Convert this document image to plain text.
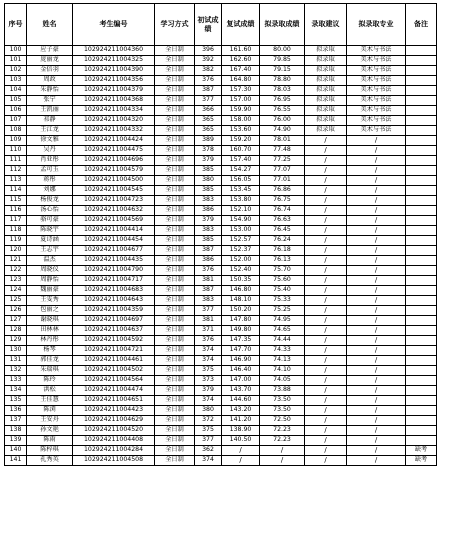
序号	姓名	考生编号	学习方式	初试成绩	复试成绩	拟录取成绩	录取建议	拟录取专业	备注
100	应子豪	102924211004360	全日制	396	161.60	80.00	拟录取	美术与书法	
101	庞丽龙	102924211004325	全日制	392	162.60	79.85	拟录取	美术与书法	
102	金倍羽	102924211004390	全日制	382	167.40	79.15	拟录取	美术与书法	
103	周政	102924211004356	全日制	376	164.80	78.80	拟录取	美术与书法	
104	朱静怡	102924211004379	全日制	387	157.30	78.03	拟录取	美术与书法	
105	张宁	102924211004368	全日制	377	157.00	76.95	拟录取	美术与书法	
106	王凯丽	102924211004334	全日制	366	159.90	76.55	拟录取	美术与书法	
107	祁静	102924211004320	全日制	365	158.00	76.00	拟录取	美术与书法	
108	王江龙	102924211004332	全日制	365	153.60	74.90	拟录取	美术与书法	
109	徐文雅	102924211004424	全日制	389	159.20	78.01	/	/	
110	吴丹	102924211004475	全日制	378	160.70	77.48	/	/	
111	肖亚彤	102924211004696	全日制	379	157.40	77.25	/	/	
112	孟可玉	102924211004579	全日制	385	154.27	77.07	/	/	
113	蒋彤	102924211004500	全日制	380	156.05	77.01	/	/	
114	刘娜	102924211004545	全日制	385	153.45	76.86	/	/	
115	杨俊龙	102924211004723	全日制	383	153.80	76.75	/	/	
116	汤心怡	102924211004632	全日制	386	152.10	76.74	/	/	
117	骆可豪	102924211004569	全日制	379	154.90	76.63	/	/	
118	陈晓宇	102924211004414	全日制	383	153.00	76.45	/	/	
119	夏诗涵	102924211004454	全日制	385	152.57	76.24	/	/	
120	王志宇	102924211004677	全日制	387	152.37	76.18	/	/	
121	温杰	102924211004435	全日制	386	152.00	76.13	/	/	
122	周晓仪	102924211004790	全日制	376	152.40	75.70	/	/	
123	周静怡	102924211004717	全日制	381	150.35	75.60	/	/	
124	魏丽豪	102924211004683	全日制	387	146.80	75.40	/	/	
125	王雯秀	102924211004643	全日制	383	148.10	75.33	/	/	
126	包丽之	102924211004359	全日制	377	150.20	75.25	/	/	
127	谢晓琪	102924211004697	全日制	381	147.80	74.95	/	/	
128	田林林	102924211004637	全日制	371	149.80	74.65	/	/	
129	林丹彤	102924211004592	全日制	376	147.35	74.44	/	/	
130	杨琴	102924211004721	全日制	374	147.70	74.33	/	/	
131	郭佳龙	102924211004461	全日制	374	146.90	74.13	/	/	
132	朱瑞琪	102924211004502	全日制	375	146.40	74.10	/	/	
133	陈玲	102924211004564	全日制	373	147.00	74.05	/	/	
134	洪松	102924211004474	全日制	379	143.70	73.88	/	/	
135	王佳慧	102924211004651	全日制	374	144.60	73.50	/	/	
136	陈浏	102924211004423	全日制	380	143.20	73.50	/	/	
137	王安舟	102924211004629	全日制	372	141.20	72.50	/	/	
138	孙文艳	102924211004520	全日制	375	138.90	72.23	/	/	
139	陈雨	102924211004408	全日制	377	140.50	72.23	/	/	
140	陈梓琪	102924211004284	全日制	362	/	/	/	/	缺考
141	孔秀英	102924211004508	全日制	374	/	/	/	/	缺考
